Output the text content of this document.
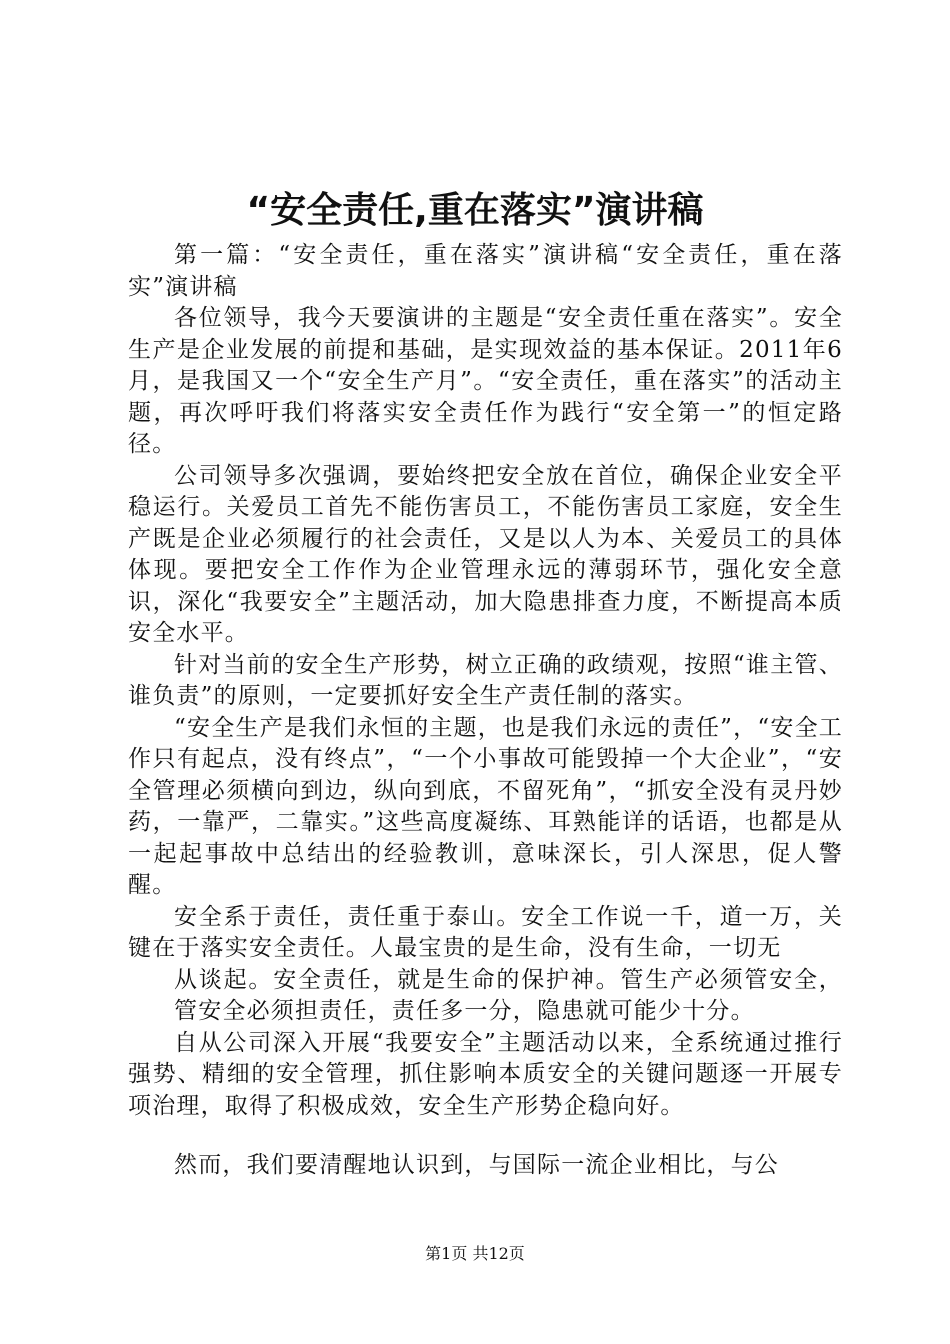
“安全责任,重在落实”演讲稿

第一篇：“安全责任，重在落实”演讲稿“安全责任，重在落实”演讲稿

各位领导，我今天要演讲的主题是“安全责任重在落实”。安全生产是企业发展的前提和基础，是实现效益的基本保证。2011年6月，是我国又一个“安全生产月”。“安全责任，重在落实”的活动主题，再次呼吁我们将落实安全责任作为践行“安全第一”的恒定路径。

公司领导多次强调，要始终把安全放在首位，确保企业安全平稳运行。关爱员工首先不能伤害员工，不能伤害员工家庭，安全生产既是企业必须履行的社会责任，又是以人为本、关爱员工的具体体现。要把安全工作作为企业管理永远的薄弱环节，强化安全意识，深化“我要安全”主题活动，加大隐患排查力度，不断提高本质安全水平。

针对当前的安全生产形势，树立正确的政绩观，按照“谁主管、谁负责”的原则，一定要抓好安全生产责任制的落实。

“安全生产是我们永恒的主题，也是我们永远的责任”，“安全工作只有起点，没有终点”，“一个小事故可能毁掉一个大企业”，“安全管理必须横向到边，纵向到底，不留死角”，“抓安全没有灵丹妙药，一靠严，二靠实。”这些高度凝练、耳熟能详的话语，也都是从一起起事故中总结出的经验教训，意味深长，引人深思，促人警醒。

安全系于责任，责任重于泰山。安全工作说一千，道一万，关键在于落实安全责任。人最宝贵的是生命，没有生命，一切无

从谈起。安全责任，就是生命的保护神。管生产必须管安全，管安全必须担责任，责任多一分，隐患就可能少十分。

自从公司深入开展“我要安全”主题活动以来，全系统通过推行强势、精细的安全管理，抓住影响本质安全的关键问题逐一开展专项治理，取得了积极成效，安全生产形势企稳向好。

然而，我们要清醒地认识到，与国际一流企业相比，与公

第1页 共12页
